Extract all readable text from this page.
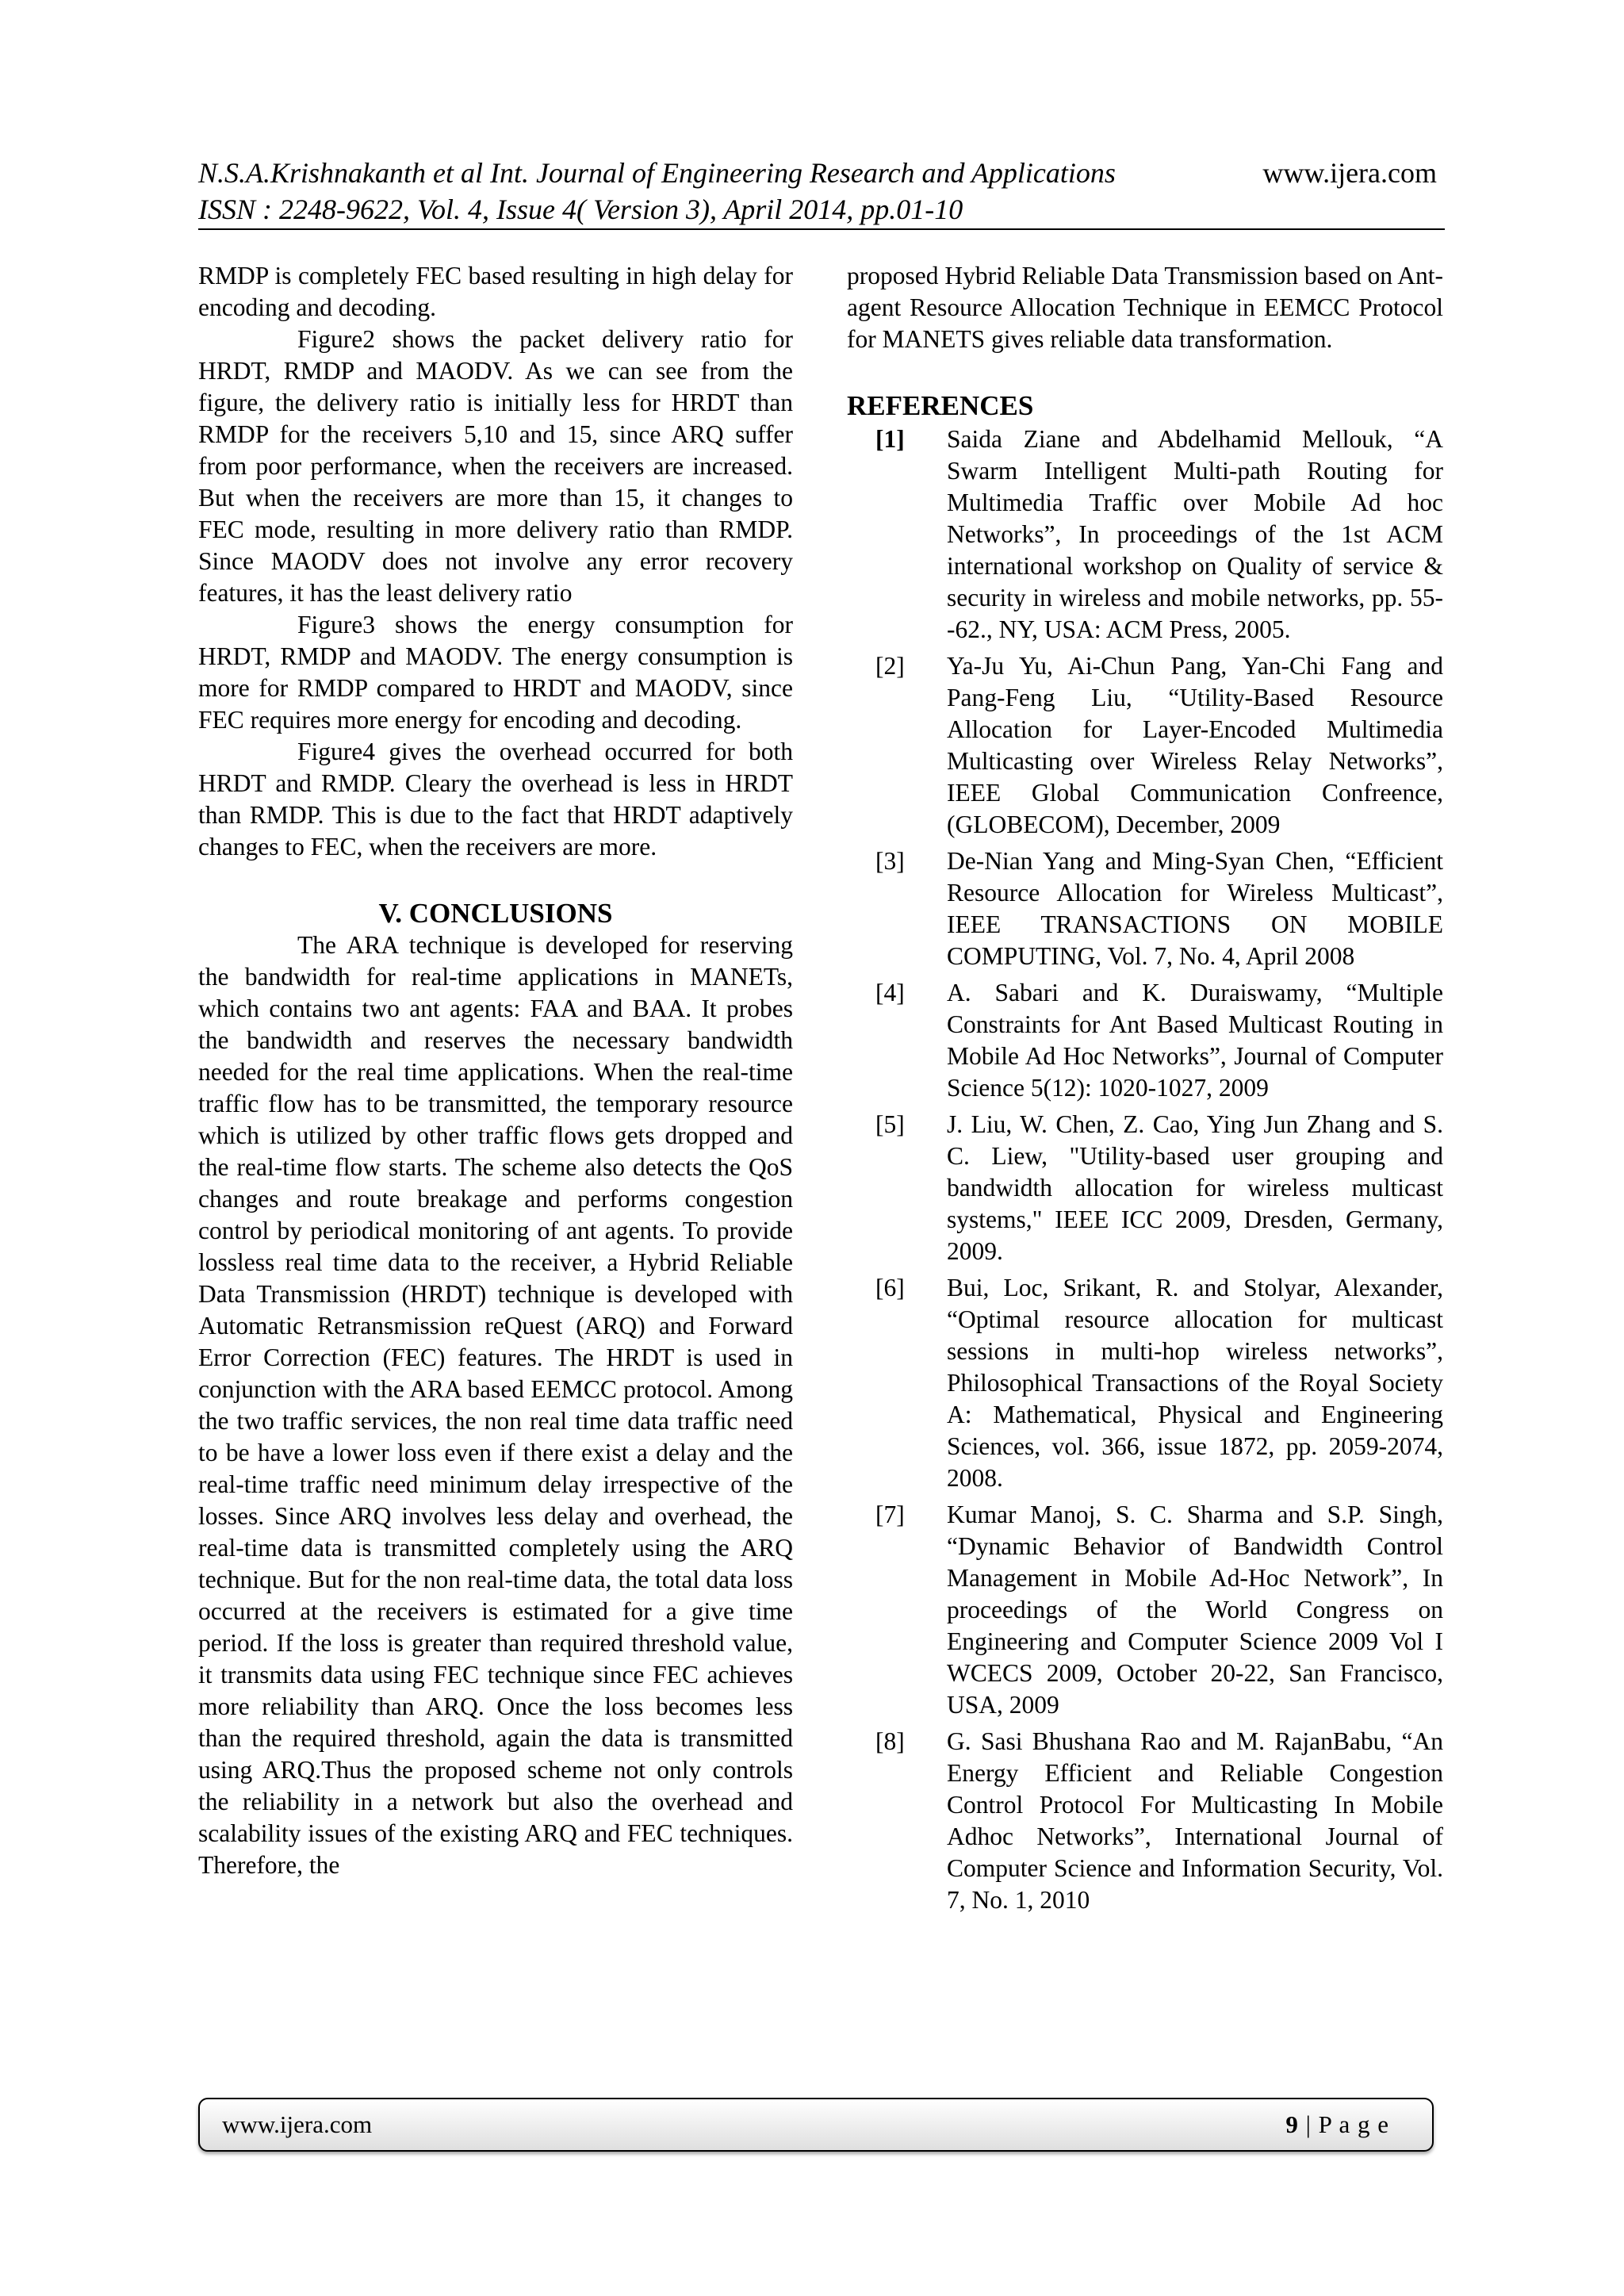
N.S.A.Krishnakanth et al Int. Journal of Engineering Research and Applications
ISSN : 2248-9622, Vol. 4, Issue 4( Version 3), April 2014, pp.01-10
www.ijera.com

RMDP is completely FEC based resulting in high delay for encoding and decoding.

Figure2 shows the packet delivery ratio for HRDT, RMDP and MAODV. As we can see from the figure, the delivery ratio is initially less for HRDT than RMDP for the receivers 5,10 and 15, since ARQ suffer from poor performance, when the receivers are increased. But when the receivers are more than 15, it changes to FEC mode, resulting in more delivery ratio than RMDP. Since MAODV does not involve any error recovery features, it has the least delivery ratio

Figure3 shows the energy consumption for HRDT, RMDP and MAODV. The energy consumption is more for RMDP compared to HRDT and MAODV, since FEC requires more energy for encoding and decoding.

Figure4 gives the overhead occurred for both HRDT and RMDP. Cleary the overhead is less in HRDT than RMDP. This is due to the fact that HRDT adaptively changes to FEC, when the receivers are more.

V. CONCLUSIONS

The ARA technique is developed for reserving the bandwidth for real-time applications in MANETs, which contains two ant agents: FAA and BAA. It probes the bandwidth and reserves the necessary bandwidth needed for the real time applications. When the real-time traffic flow has to be transmitted, the temporary resource which is utilized by other traffic flows gets dropped and the real-time flow starts. The scheme also detects the QoS changes and route breakage and performs congestion control by periodical monitoring of ant agents. To provide lossless real time data to the receiver, a Hybrid Reliable Data Transmission (HRDT) technique is developed with Automatic Retransmission reQuest (ARQ) and Forward Error Correction (FEC) features. The HRDT is used in conjunction with the ARA based EEMCC protocol. Among the two traffic services, the non real time data traffic need to be have a lower loss even if there exist a delay and the real-time traffic need minimum delay irrespective of the losses. Since ARQ involves less delay and overhead, the real-time data is transmitted completely using the ARQ technique. But for the non real-time data, the total data loss occurred at the receivers is estimated for a give time period. If the loss is greater than required threshold value, it transmits data using FEC technique since FEC achieves more reliability than ARQ. Once the loss becomes less than the required threshold, again the data is transmitted using ARQ.Thus the proposed scheme not only controls the reliability in a network but also the overhead and scalability issues of the existing ARQ and FEC techniques. Therefore, the

proposed Hybrid Reliable Data Transmission based on Ant-agent Resource Allocation Technique in EEMCC Protocol for MANETS gives reliable data transformation.

REFERENCES
[1] Saida Ziane and Abdelhamid Mellouk, “A Swarm Intelligent Multi-path Routing for Multimedia Traffic over Mobile Ad hoc Networks”, In proceedings of the 1st ACM international workshop on Quality of service & security in wireless and mobile networks, pp. 55--62., NY, USA: ACM Press, 2005.
[2] Ya-Ju Yu, Ai-Chun Pang, Yan-Chi Fang and Pang-Feng Liu, “Utility-Based Resource Allocation for Layer-Encoded Multimedia Multicasting over Wireless Relay Networks”, IEEE Global Communication Confreence, (GLOBECOM), December, 2009
[3] De-Nian Yang and Ming-Syan Chen, “Efficient Resource Allocation for Wireless Multicast”, IEEE TRANSACTIONS ON MOBILE COMPUTING, Vol. 7, No. 4, April 2008
[4] A. Sabari and K. Duraiswamy, “Multiple Constraints for Ant Based Multicast Routing in Mobile Ad Hoc Networks”, Journal of Computer Science 5(12): 1020-1027, 2009
[5] J. Liu, W. Chen, Z. Cao, Ying Jun Zhang and S. C. Liew, "Utility-based user grouping and bandwidth allocation for wireless multicast systems," IEEE ICC 2009, Dresden, Germany, 2009.
[6] Bui, Loc, Srikant, R. and Stolyar, Alexander, “Optimal resource allocation for multicast sessions in multi-hop wireless networks”, Philosophical Transactions of the Royal Society A: Mathematical, Physical and Engineering Sciences, vol. 366, issue 1872, pp. 2059-2074, 2008.
[7] Kumar Manoj, S. C. Sharma and S.P. Singh, “Dynamic Behavior of Bandwidth Control Management in Mobile Ad-Hoc Network”, In proceedings of the World Congress on Engineering and Computer Science 2009 Vol I WCECS 2009, October 20-22, San Francisco, USA, 2009
[8] G. Sasi Bhushana Rao and M. RajanBabu, “An Energy Efficient and Reliable Congestion Control Protocol For Multicasting In Mobile Adhoc Networks”, International Journal of Computer Science and Information Security, Vol. 7, No. 1, 2010
www.ijera.com	9 | P a g e
